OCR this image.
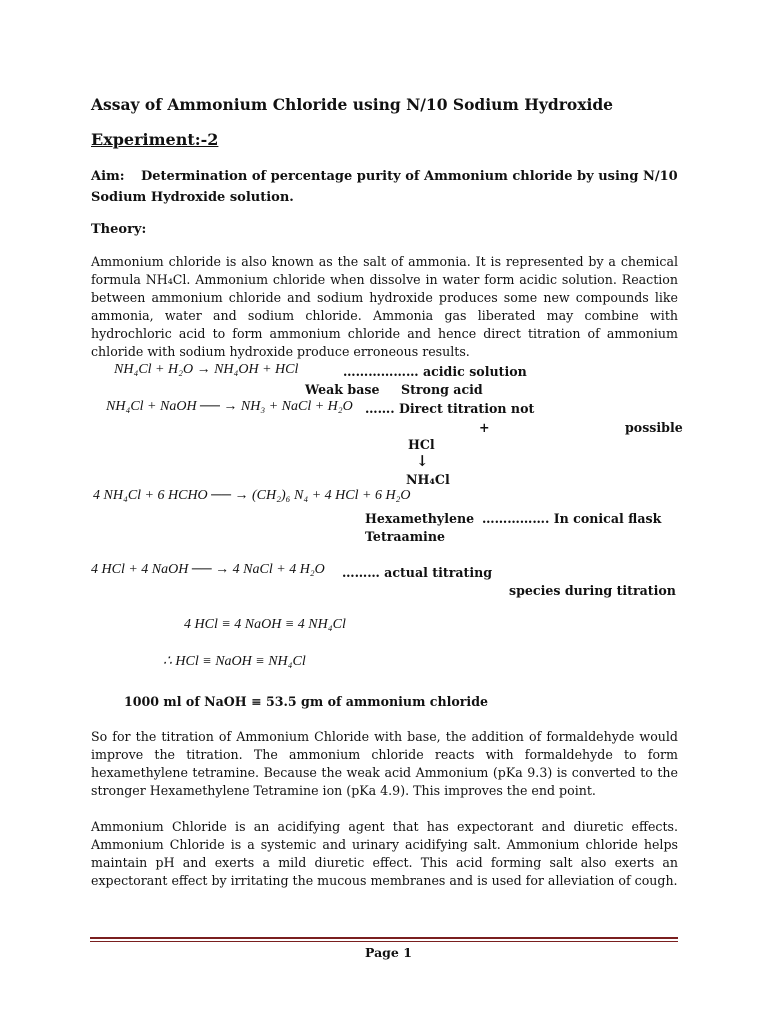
Assay of Ammonium Chloride using N/10 Sodium Hydroxide
Experiment:-2
Aim: Determination of percentage purity of Ammonium chloride by using N/10 Sodium Hydroxide solution.
Theory:
Ammonium chloride is also known as the salt of ammonia. It is represented by a chemical formula NH₄Cl. Ammonium chloride when dissolve in water form acidic solution. Reaction between ammonium chloride and sodium hydroxide produces some new compounds like ammonia, water and sodium chloride. Ammonia gas liberated may combine with hydrochloric acid to form ammonium chloride and hence direct titration of ammonium chloride with sodium hydroxide produce erroneous results.
NH₄Cl + H₂O → NH₄OH + HCl	……………… acidic solution
Weak base Strong acid
NH₄Cl + NaOH ── → NH₃ + NaCl + H₂O ……. Direct titration not
+	possible
HCl
↓
NH₄Cl
4 NH₄Cl + 6 HCHO ── → (CH₂)₆ N₄ + 4 HCl + 6 H₂O
Hexamethylene ……………. In conical flask
Tetraamine
4 HCl + 4 NaOH ── → 4 NaCl + 4 H₂O ……… actual titrating
species during titration
4 HCl ≡ 4 NaOH ≡ 4 NH₄Cl
∴ HCl ≡ NaOH ≡ NH₄Cl
1000 ml of NaOH ≡ 53.5 gm of ammonium chloride
So for the titration of Ammonium Chloride with base, the addition of formaldehyde would improve the titration. The ammonium chloride reacts with formaldehyde to form hexamethylene tetramine. Because the weak acid Ammonium (pKa 9.3) is converted to the stronger Hexamethylene Tetramine ion (pKa 4.9). This improves the end point.
Ammonium Chloride is an acidifying agent that has expectorant and diuretic effects. Ammonium Chloride is a systemic and urinary acidifying salt. Ammonium chloride helps maintain pH and exerts a mild diuretic effect. This acid forming salt also exerts an expectorant effect by irritating the mucous membranes and is used for alleviation of cough.
Page 1
